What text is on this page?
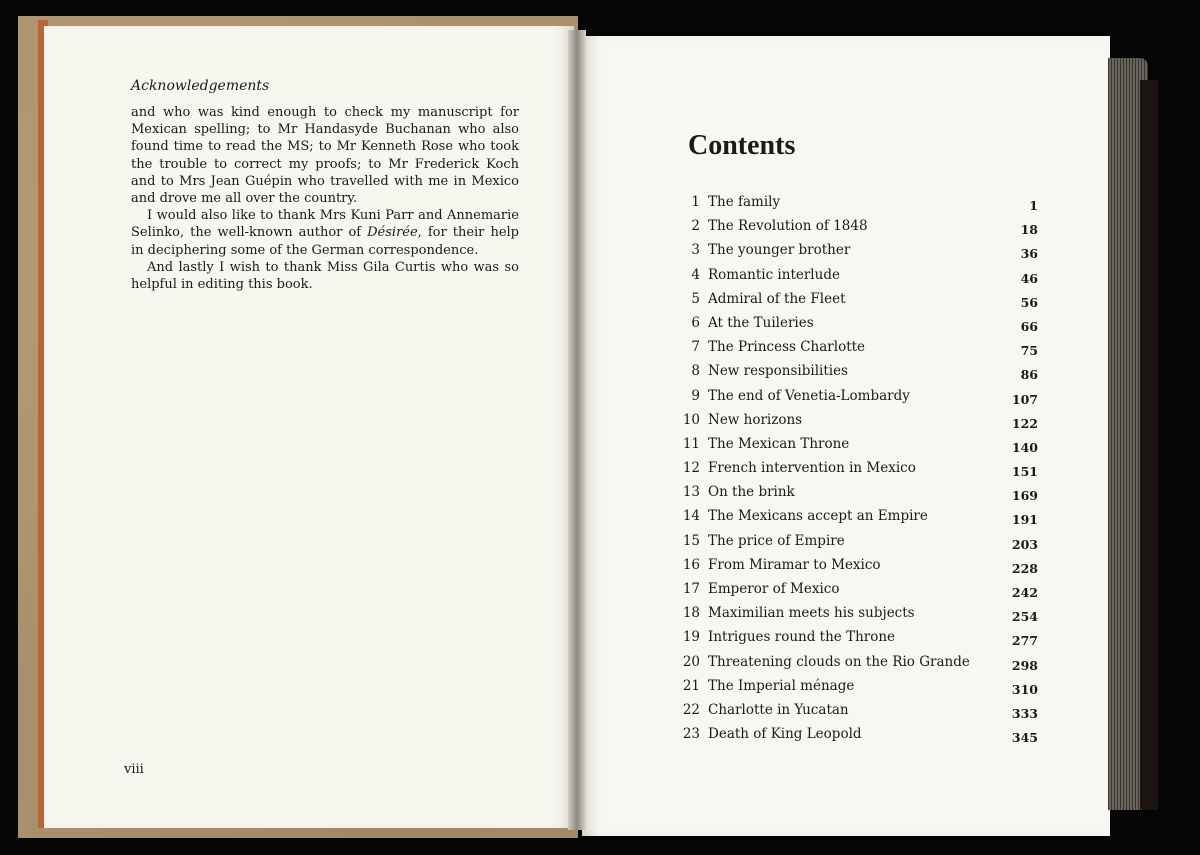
Acknowledgements

and who was kind enough to check my manuscript for Mexican spelling; to Mr Handasyde Buchanan who also found time to read the MS; to Mr Kenneth Rose who took the trouble to correct my proofs; to Mr Frederick Koch and to Mrs Jean Guépin who travelled with me in Mexico and drove me all over the country.

I would also like to thank Mrs Kuni Parr and Annemarie Selinko, the well-known author of Désirée, for their help in deciphering some of the German correspondence.

And lastly I wish to thank Miss Gila Curtis who was so helpful in editing this book.

viii
Contents
1 The family	1
2 The Revolution of 1848	18
3 The younger brother	36
4 Romantic interlude	46
5 Admiral of the Fleet	56
6 At the Tuileries	66
7 The Princess Charlotte	75
8 New responsibilities	86
9 The end of Venetia-Lombardy	107
10 New horizons	122
11 The Mexican Throne	140
12 French intervention in Mexico	151
13 On the brink	169
14 The Mexicans accept an Empire	191
15 The price of Empire	203
16 From Miramar to Mexico	228
17 Emperor of Mexico	242
18 Maximilian meets his subjects	254
19 Intrigues round the Throne	277
20 Threatening clouds on the Rio Grande	298
21 The Imperial ménage	310
22 Charlotte in Yucatan	333
23 Death of King Leopold	345
